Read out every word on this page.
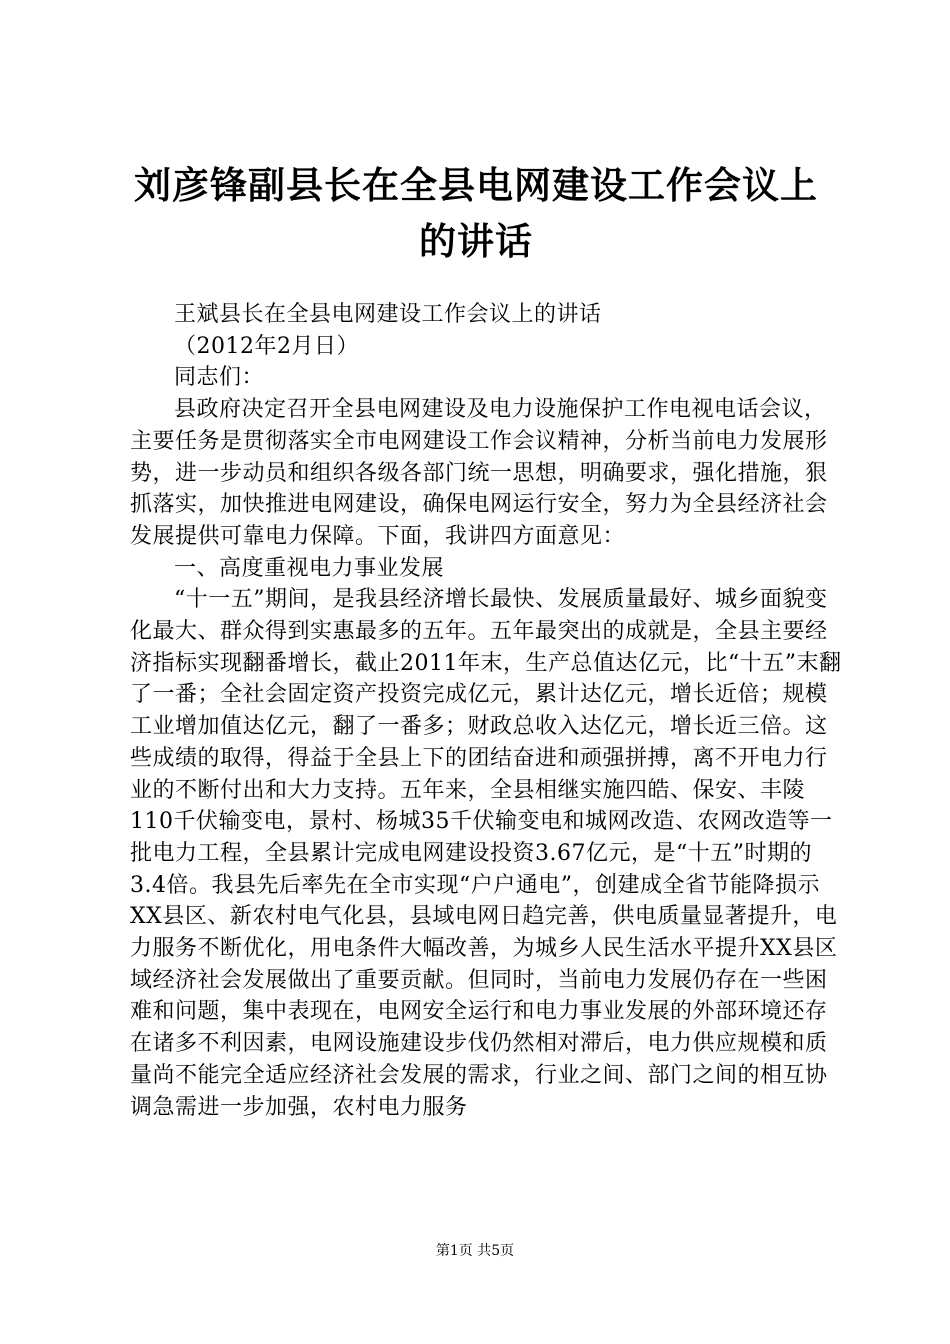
刘彦锋副县长在全县电网建设工作会议上的讲话

王斌县长在全县电网建设工作会议上的讲话

（2012年2月日）

同志们：

县政府决定召开全县电网建设及电力设施保护工作电视电话会议，主要任务是贯彻落实全市电网建设工作会议精神，分析当前电力发展形势，进一步动员和组织各级各部门统一思想，明确要求，强化措施，狠抓落实，加快推进电网建设，确保电网运行安全，努力为全县经济社会发展提供可靠电力保障。下面，我讲四方面意见：

一、高度重视电力事业发展

“十一五”期间，是我县经济增长最快、发展质量最好、城乡面貌变化最大、群众得到实惠最多的五年。五年最突出的成就是，全县主要经济指标实现翻番增长，截止2011年末，生产总值达亿元，比“十五”末翻了一番；全社会固定资产投资完成亿元，累计达亿元，增长近倍；规模工业增加值达亿元，翻了一番多；财政总收入达亿元，增长近三倍。这些成绩的取得，得益于全县上下的团结奋进和顽强拼搏，离不开电力行业的不断付出和大力支持。五年来，全县相继实施四皓、保安、丰陵110千伏输变电，景村、杨城35千伏输变电和城网改造、农网改造等一批电力工程，全县累计完成电网建设投资3.67亿元，是“十五”时期的3.4倍。我县先后率先在全市实现“户户通电”，创建成全省节能降损示XX县区、新农村电气化县，县域电网日趋完善，供电质量显著提升，电力服务不断优化，用电条件大幅改善，为城乡人民生活水平提升XX县区域经济社会发展做出了重要贡献。但同时，当前电力发展仍存在一些困难和问题，集中表现在，电网安全运行和电力事业发展的外部环境还存在诸多不利因素，电网设施建设步伐仍然相对滞后，电力供应规模和质量尚不能完全适应经济社会发展的需求，行业之间、部门之间的相互协调急需进一步加强，农村电力服务

第1页 共5页
